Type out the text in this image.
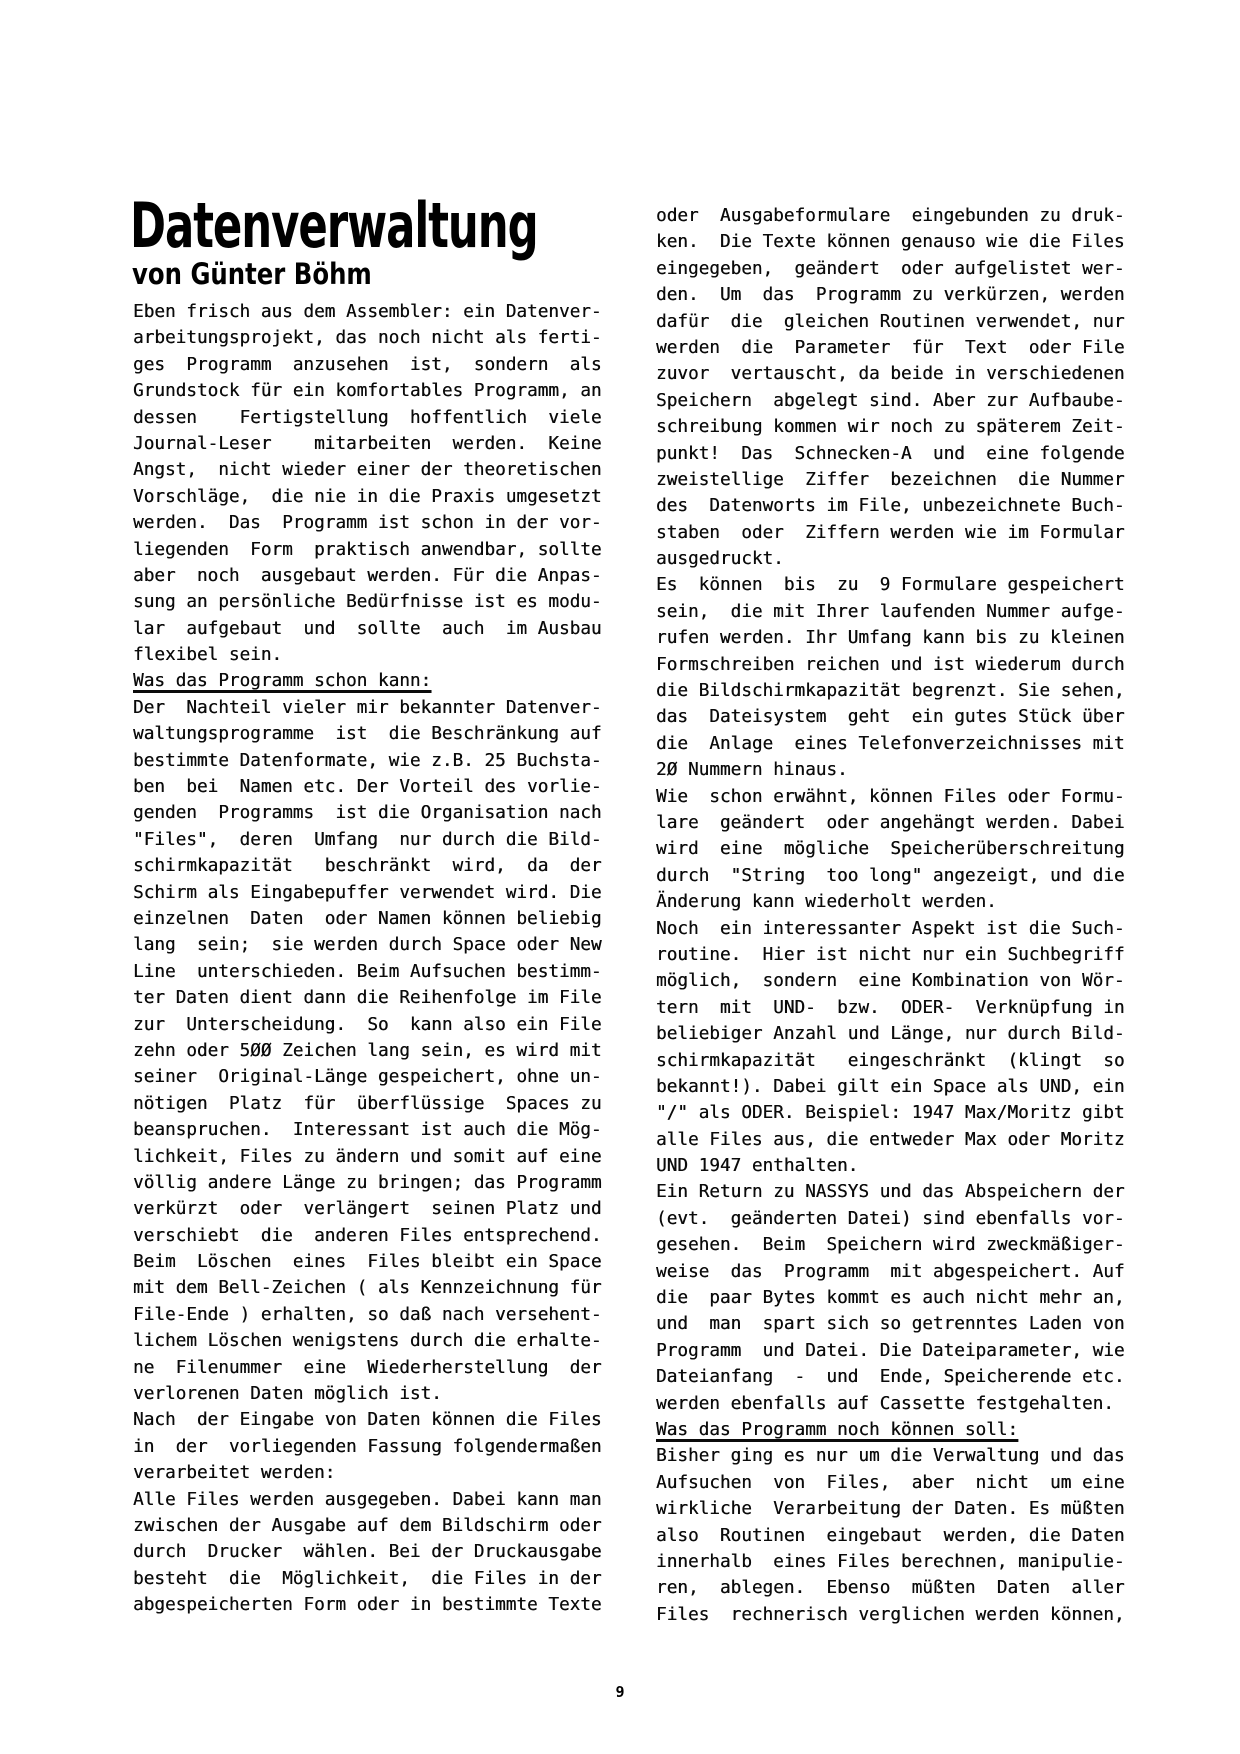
Datenverwaltung
von Günter Böhm
Eben frisch aus dem Assembler: ein Datenver-
arbeitungsprojekt, das noch nicht als ferti-
ges  Programm  anzusehen  ist,  sondern  als
Grundstock für ein komfortables Programm, an
dessen    Fertigstellung  hoffentlich  viele
Journal-Leser    mitarbeiten  werden.  Keine
Angst,  nicht wieder einer der theoretischen
Vorschläge,  die nie in die Praxis umgesetzt
werden.  Das  Programm ist schon in der vor-
liegenden  Form  praktisch anwendbar, sollte
aber  noch  ausgebaut werden. Für die Anpas-
sung an persönliche Bedürfnisse ist es modu-
lar  aufgebaut  und  sollte  auch  im Ausbau
flexibel sein.
Was das Programm schon kann:
Der  Nachteil vieler mir bekannter Datenver-
waltungsprogramme  ist  die Beschränkung auf
bestimmte Datenformate, wie z.B. 25 Buchsta-
ben  bei  Namen etc. Der Vorteil des vorlie-
genden  Programms  ist die Organisation nach
"Files",  deren  Umfang  nur durch die Bild-
schirmkapazität   beschränkt  wird,  da  der
Schirm als Eingabepuffer verwendet wird. Die
einzelnen  Daten  oder Namen können beliebig
lang  sein;  sie werden durch Space oder New
Line  unterschieden. Beim Aufsuchen bestimm-
ter Daten dient dann die Reihenfolge im File
zur  Unterscheidung.  So  kann also ein File
zehn oder 5ØØ Zeichen lang sein, es wird mit
seiner  Original-Länge gespeichert, ohne un-
nötigen  Platz  für  überflüssige  Spaces zu
beanspruchen.  Interessant ist auch die Mög-
lichkeit, Files zu ändern und somit auf eine
völlig andere Länge zu bringen; das Programm
verkürzt  oder  verlängert  seinen Platz und
verschiebt  die  anderen Files entsprechend.
Beim  Löschen  eines  Files bleibt ein Space
mit dem Bell-Zeichen ( als Kennzeichnung für
File-Ende ) erhalten, so daß nach versehent-
lichem Löschen wenigstens durch die erhalte-
ne  Filenummer  eine  Wiederherstellung  der
verlorenen Daten möglich ist.
Nach  der Eingabe von Daten können die Files
in  der  vorliegenden Fassung folgendermaßen
verarbeitet werden:
Alle Files werden ausgegeben. Dabei kann man
zwischen der Ausgabe auf dem Bildschirm oder
durch  Drucker  wählen. Bei der Druckausgabe
besteht  die  Möglichkeit,  die Files in der
abgespeicherten Form oder in bestimmte Texte
oder  Ausgabeformulare  eingebunden zu druk-
ken.  Die Texte können genauso wie die Files
eingegeben,  geändert  oder aufgelistet wer-
den.  Um  das  Programm zu verkürzen, werden
dafür  die  gleichen Routinen verwendet, nur
werden  die  Parameter  für  Text  oder File
zuvor  vertauscht, da beide in verschiedenen
Speichern  abgelegt sind. Aber zur Aufbaube-
schreibung kommen wir noch zu späterem Zeit-
punkt!  Das  Schnecken-A  und  eine folgende
zweistellige  Ziffer  bezeichnen  die Nummer
des  Datenworts im File, unbezeichnete Buch-
staben  oder  Ziffern werden wie im Formular
ausgedruckt.
Es  können  bis  zu  9 Formulare gespeichert
sein,  die mit Ihrer laufenden Nummer aufge-
rufen werden. Ihr Umfang kann bis zu kleinen
Formschreiben reichen und ist wiederum durch
die Bildschirmkapazität begrenzt. Sie sehen,
das  Dateisystem  geht  ein gutes Stück über
die  Anlage  eines Telefonverzeichnisses mit
2Ø Nummern hinaus.
Wie  schon erwähnt, können Files oder Formu-
lare  geändert  oder angehängt werden. Dabei
wird  eine  mögliche  Speicherüberschreitung
durch  "String  too long" angezeigt, und die
Änderung kann wiederholt werden.
Noch  ein interessanter Aspekt ist die Such-
routine.  Hier ist nicht nur ein Suchbegriff
möglich,  sondern  eine Kombination von Wör-
tern  mit  UND-  bzw.  ODER-  Verknüpfung in
beliebiger Anzahl und Länge, nur durch Bild-
schirmkapazität   eingeschränkt  (klingt  so
bekannt!). Dabei gilt ein Space als UND, ein
"/" als ODER. Beispiel: 1947 Max/Moritz gibt
alle Files aus, die entweder Max oder Moritz
UND 1947 enthalten.
Ein Return zu NASSYS und das Abspeichern der
(evt.  geänderten Datei) sind ebenfalls vor-
gesehen.  Beim  Speichern wird zweckmäßiger-
weise  das  Programm  mit abgespeichert. Auf
die  paar Bytes kommt es auch nicht mehr an,
und  man  spart sich so getrenntes Laden von
Programm  und Datei. Die Dateiparameter, wie
Dateianfang  -  und  Ende, Speicherende etc.
werden ebenfalls auf Cassette festgehalten.
Was das Programm noch können soll:
Bisher ging es nur um die Verwaltung und das
Aufsuchen  von  Files,  aber  nicht  um eine
wirkliche  Verarbeitung der Daten. Es müßten
also  Routinen  eingebaut  werden, die Daten
innerhalb  eines Files berechnen, manipulie-
ren,  ablegen.  Ebenso  müßten  Daten  aller
Files  rechnerisch verglichen werden können,
9
